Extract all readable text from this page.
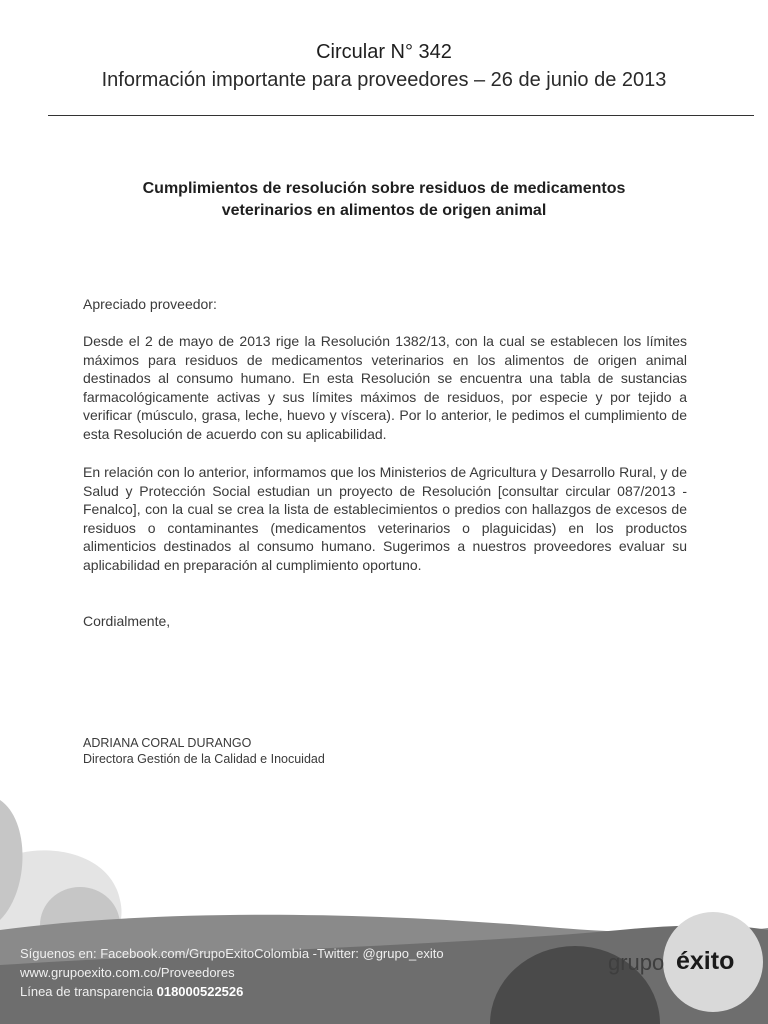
Circular N° 342
Información importante para proveedores – 26 de junio de 2013
Cumplimientos de resolución sobre residuos de medicamentos
veterinarios en alimentos de origen animal
Apreciado proveedor:
Desde el 2 de mayo de 2013 rige la Resolución 1382/13, con la cual se establecen los límites máximos para residuos de medicamentos veterinarios en los alimentos de origen animal destinados al consumo humano. En esta Resolución se encuentra una tabla de sustancias farmacológicamente activas y sus límites máximos de residuos, por especie y por tejido a verificar (músculo, grasa, leche, huevo y víscera). Por lo anterior, le pedimos el cumplimiento de esta Resolución de acuerdo con su aplicabilidad.
En relación con lo anterior, informamos que los Ministerios de Agricultura y Desarrollo Rural, y de Salud y Protección Social estudian un proyecto de Resolución [consultar circular 087/2013 - Fenalco], con la cual se crea la lista de establecimientos o predios con hallazgos de excesos de residuos o contaminantes (medicamentos veterinarios o plaguicidas) en los productos alimenticios destinados al consumo humano. Sugerimos a nuestros proveedores evaluar su aplicabilidad en preparación al cumplimiento oportuno.
Cordialmente,
ADRIANA CORAL DURANGO
Directora Gestión de la Calidad e Inocuidad
Síguenos en: Facebook.com/GrupoExitoColombia -Twitter: @grupo_exito
www.grupoexito.com.co/Proveedores
Línea de transparencia 018000522526
grupo éxito
